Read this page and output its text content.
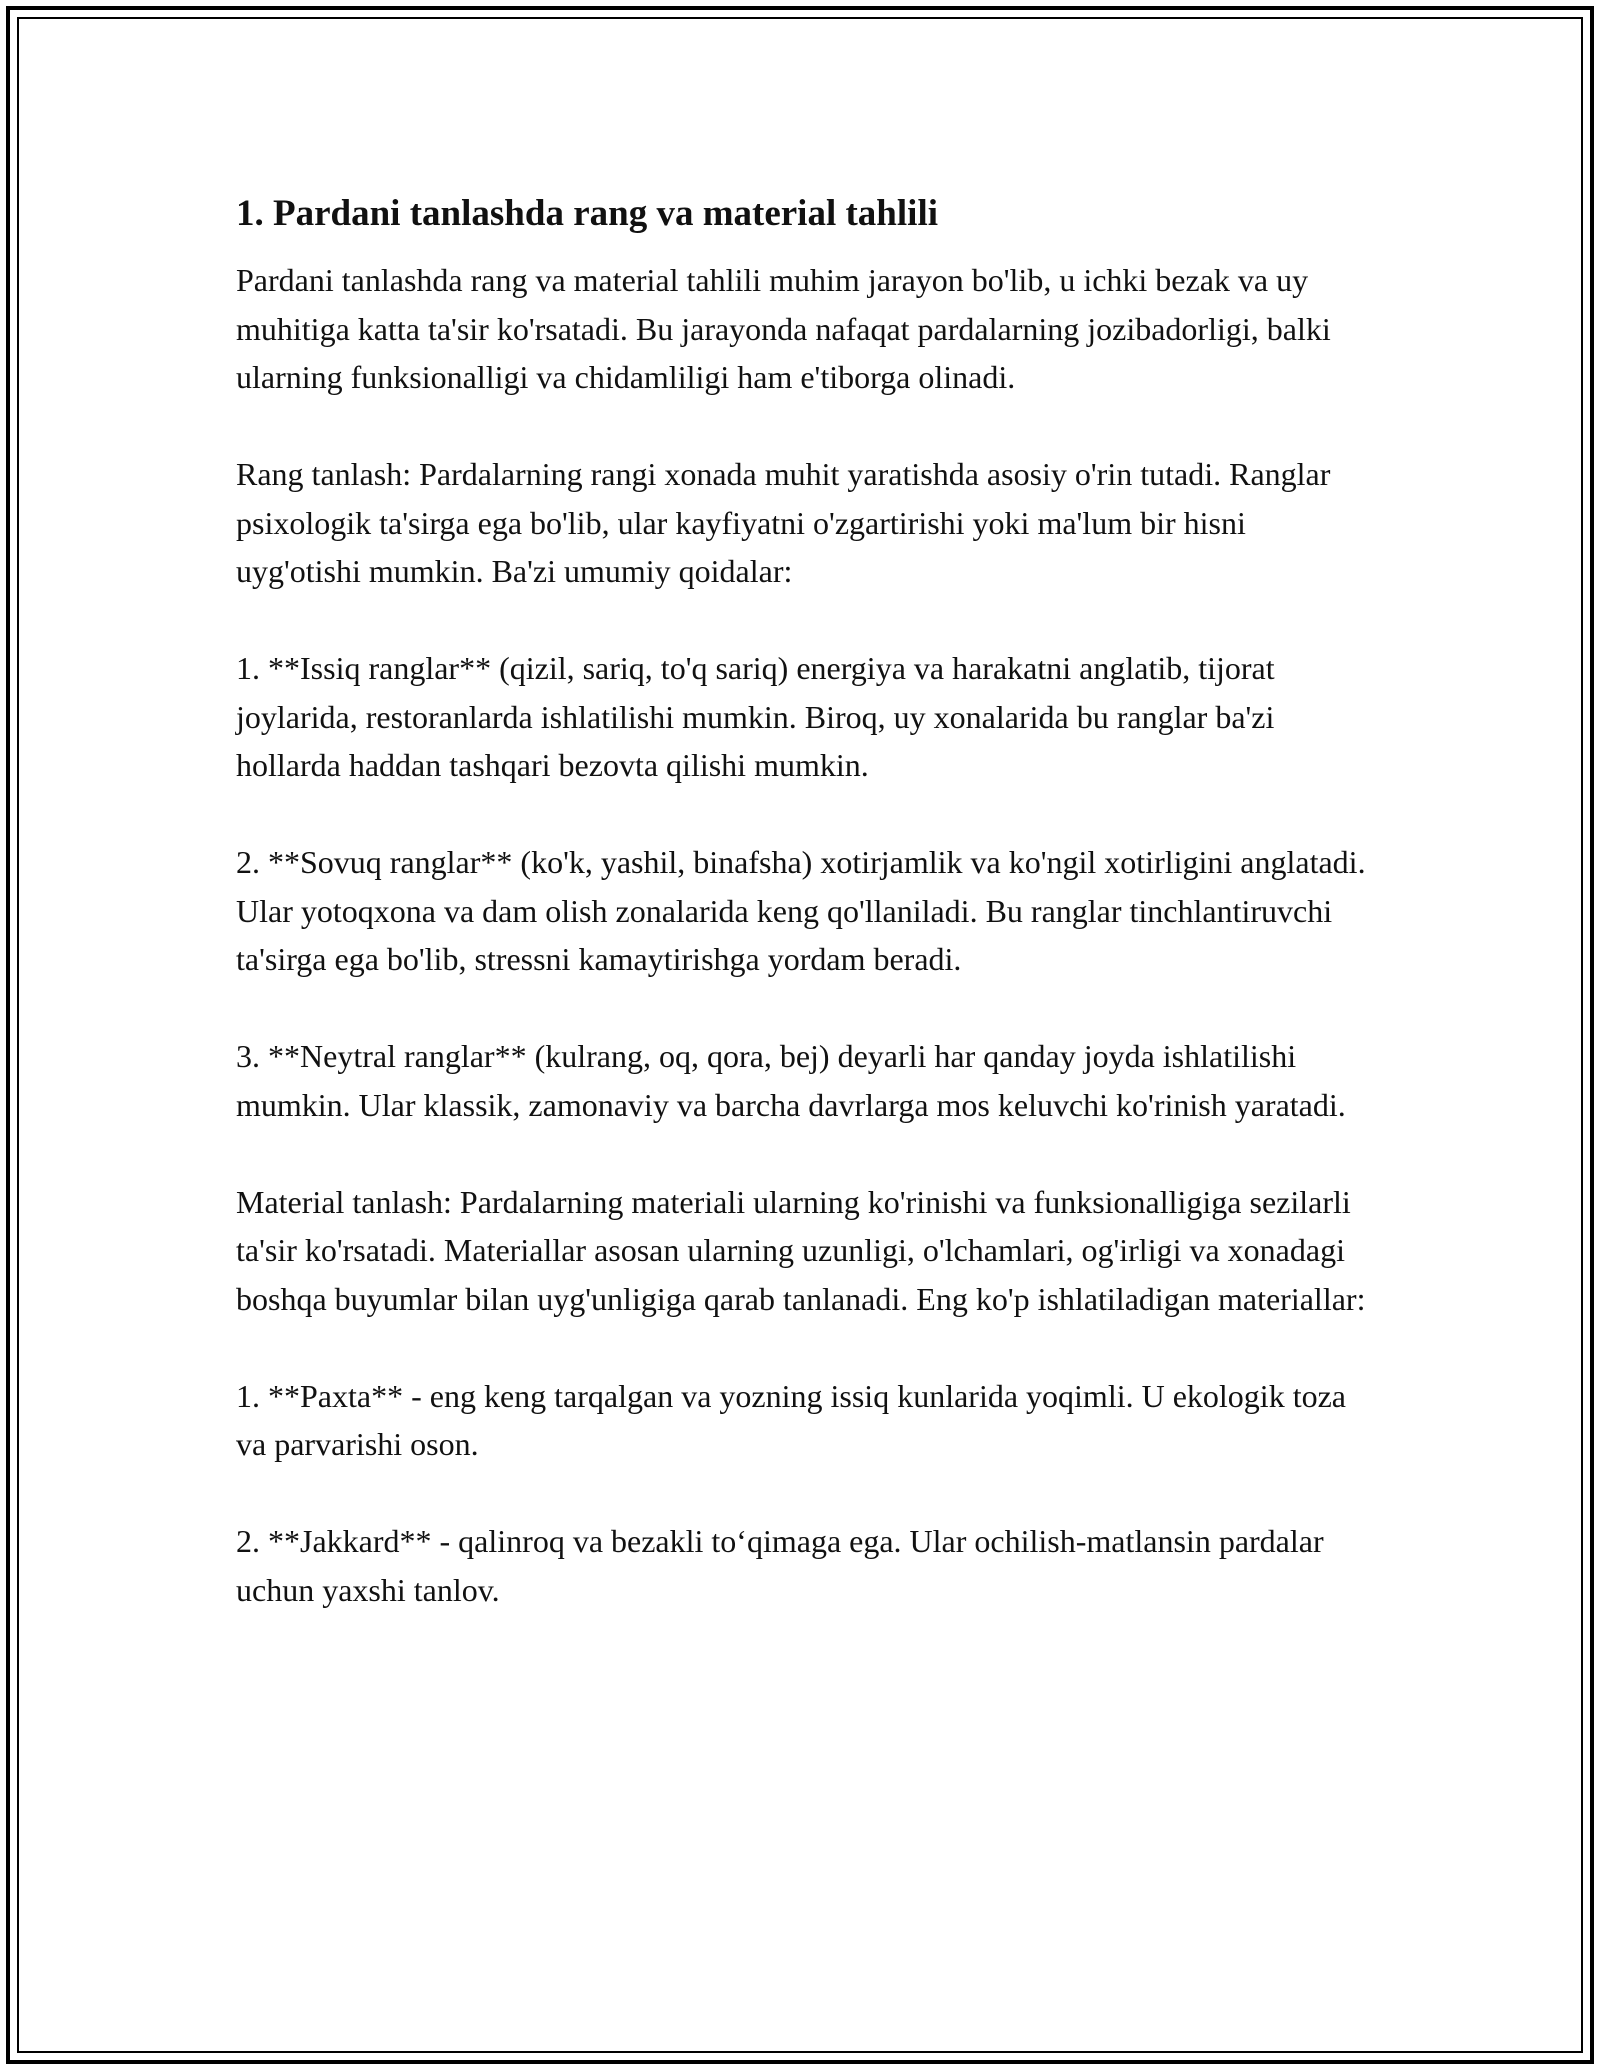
1. Pardani tanlashda rang va material tahlili

Pardani tanlashda rang va material tahlili muhim jarayon bo'lib, u ichki bezak va uy muhitiga katta ta'sir ko'rsatadi. Bu jarayonda nafaqat pardalarning jozibadorligi, balki ularning funksionalligi va chidamliligi ham e'tiborga olinadi.

Rang tanlash: Pardalarning rangi xonada muhit yaratishda asosiy o'rin tutadi. Ranglar psixologik ta'sirga ega bo'lib, ular kayfiyatni o'zgartirishi yoki ma'lum bir hisni uyg'otishi mumkin. Ba'zi umumiy qoidalar:

1. **Issiq ranglar** (qizil, sariq, to'q sariq) energiya va harakatni anglatib, tijorat joylarida, restoranlarda ishlatilishi mumkin. Biroq, uy xonalarida bu ranglar ba'zi hollarda haddan tashqari bezovta qilishi mumkin.

2. **Sovuq ranglar** (ko'k, yashil, binafsha) xotirjamlik va ko'ngil xotirligini anglatadi. Ular yotoqxona va dam olish zonalarida keng qo'llaniladi. Bu ranglar tinchlantiruvchi ta'sirga ega bo'lib, stressni kamaytirishga yordam beradi.

3. **Neytral ranglar** (kulrang, oq, qora, bej) deyarli har qanday joyda ishlatilishi mumkin. Ular klassik, zamonaviy va barcha davrlarga mos keluvchi ko'rinish yaratadi.

Material tanlash: Pardalarning materiali ularning ko'rinishi va funksionalligiga sezilarli ta'sir ko'rsatadi. Materiallar asosan ularning uzunligi, o'lchamlari, og'irligi va xonadagi boshqa buyumlar bilan uyg'unligiga qarab tanlanadi. Eng ko'p ishlatiladigan materiallar:

1. **Paxta** - eng keng tarqalgan va yozning issiq kunlarida yoqimli. U ekologik toza va parvarishi oson.

2. **Jakkard** - qalinroq va bezakli to‘qimaga ega. Ular ochilish-matlansin pardalar uchun yaxshi tanlov.
